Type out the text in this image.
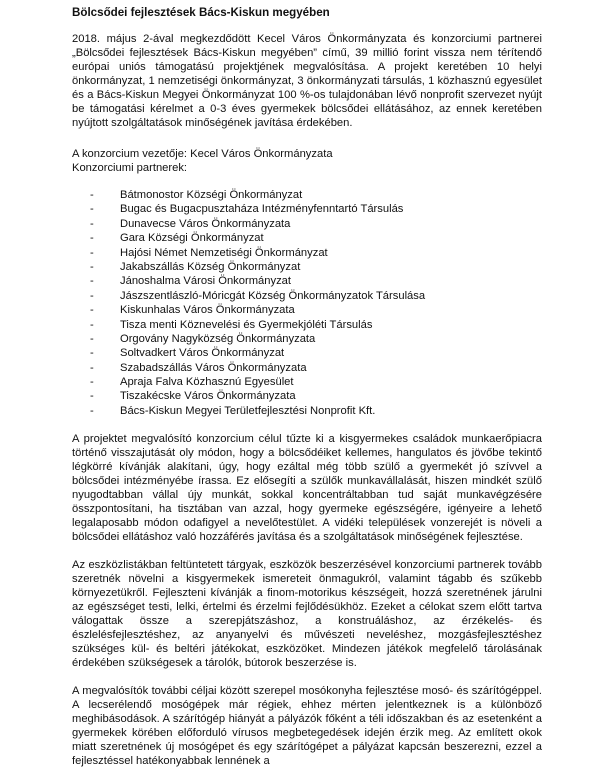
Bölcsődei fejlesztések Bács-Kiskun megyében

2018. május 2-ával megkezdődött Kecel Város Önkormányzata és konzorciumi partnerei „Bölcsődei fejlesztések Bács-Kiskun megyében” című, 39 millió forint vissza nem térítendő európai uniós támogatású projektjének megvalósítása. A projekt keretében 10 helyi önkormányzat, 1 nemzetiségi önkormányzat, 3 önkormányzati társulás, 1 közhasznú egyesület és a Bács-Kiskun Megyei Önkormányzat 100 %-os tulajdonában lévő nonprofit szervezet nyújt be támogatási kérelmet a 0-3 éves gyermekek bölcsődei ellátásához, az ennek keretében nyújtott szolgáltatások minőségének javítása érdekében.

A konzorcium vezetője: Kecel Város Önkormányzata

Konzorciumi partnerek:

- Bátmonostor Községi Önkormányzat
- Bugac és Bugacpusztaháza Intézményfenntartó Társulás
- Dunavecse Város Önkormányzata
- Gara Községi Önkormányzat
- Hajósi Német Nemzetiségi Önkormányzat
- Jakabszállás Község Önkormányzat
- Jánoshalma Városi Önkormányzat
- Jászszentlászló-Móricgát Község Önkormányzatok Társulása
- Kiskunhalas Város Önkormányzata
- Tisza menti Köznevelési és Gyermekjóléti Társulás
- Orgovány Nagyközség Önkormányzata
- Soltvadkert Város Önkormányzat
- Szabadszállás Város Önkormányzata
- Apraja Falva Közhasznú Egyesület
- Tiszakécske Város Önkormányzata
- Bács-Kiskun Megyei Területfejlesztési Nonprofit Kft.

A projektet megvalósító konzorcium célul tűzte ki a kisgyermekes családok munkaerőpiacra történő visszajutását oly módon, hogy a bölcsődéiket kellemes, hangulatos és jövőbe tekintő légkörré kívánják alakítani, úgy, hogy ezáltal még több szülő a gyermekét jó szívvel a bölcsődei intézményébe írassa. Ez elősegíti a szülők munkavállalását, hiszen mindkét szülő nyugodtabban vállal újy munkát, sokkal koncentráltabban tud saját munkavégzésére összpontosítani, ha tisztában van azzal, hogy gyermeke egészségére, igényeire a lehető legalaposabb módon odafigyel a nevelőtestület. A vidéki települések vonzerejét is növeli a bölcsődei ellátáshoz való hozzáférés javítása és a szolgáltatások minőségének fejlesztése.

Az eszközlistákban feltüntetett tárgyak, eszközök beszerzésével konzorciumi partnerek tovább szeretnék növelni a kisgyermekek ismereteit önmagukról, valamint tágabb és szűkebb környezetükről. Fejleszteni kívánják a finom-motorikus készségeit, hozzá szeretnének járulni az egészséget testi, lelki, értelmi és érzelmi fejlődésükhöz. Ezeket a célokat szem előtt tartva válogattak össze a szerepjátszáshoz, a konstruáláshoz, az érzékelés- és észlelésfejlesztéshez, az anyanyelvi és művészeti neveléshez, mozgásfejlesztéshez szükséges kül- és beltéri játékokat, eszközöket. Mindezen játékok megfelelő tárolásának érdekében szükségesek a tárolók, bútorok beszerzése is.

A megvalósítók további céljai között szerepel mosókonyha fejlesztése mosó- és szárítógéppel. A lecserélendő mosógépek már régiek, ehhez mérten jelentkeznek is a különböző meghibásodások. A szárítógép hiányát a pályázók főként a téli időszakban és az esetenként a gyermekek körében előforduló vírusos megbetegedések idején érzik meg. Az említett okok miatt szeretnének új mosógépet és egy szárítógépet a pályázat kapcsán beszerezni, ezzel a fejlesztéssel hatékonyabbak lennének a
